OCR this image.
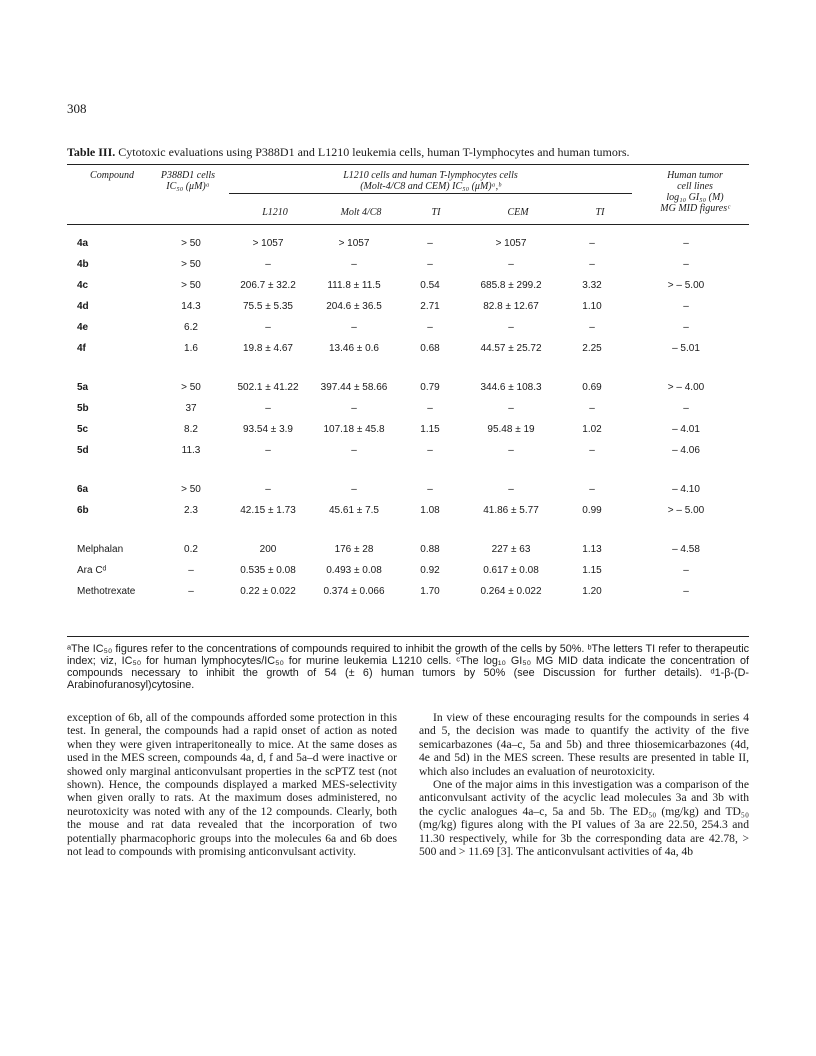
308
Table III. Cytotoxic evaluations using P388D1 and L1210 leukemia cells, human T-lymphocytes and human tumors.
Compound	P388D1 cells
IC₅₀ (μM)ᵃ
L1210 cells and human T-lymphocytes cells
(Molt-4/C8 and CEM) IC₅₀ (μM)ᵃ,ᵇ
Human tumor
cell lines
log₁₀ GI₅₀ (M)
MG MID figuresᶜ
L1210	Molt 4/C8	TI	CEM	TI
4a	> 50	> 1057	> 1057	–	> 1057	–	–
4b	> 50	–	–	–	–	–	–
4c	> 50	206.7 ± 32.2	111.8 ± 11.5	0.54	685.8 ± 299.2	3.32	> – 5.00
4d	14.3	75.5 ± 5.35	204.6 ± 36.5	2.71	82.8 ± 12.67	1.10	–
4e	6.2	–	–	–	–	–	–
4f	1.6	19.8 ± 4.67	13.46 ± 0.6	0.68	44.57 ± 25.72	2.25	– 5.01

5a	> 50	502.1 ± 41.22	397.44 ± 58.66	0.79	344.6 ± 108.3	0.69	> – 4.00
5b	37	–	–	–	–	–	–
5c	8.2	93.54 ± 3.9	107.18 ± 45.8	1.15	95.48 ± 19	1.02	– 4.01
5d	11.3	–	–	–	–	–	– 4.06

6a	> 50	–	–	–	–	–	– 4.10
6b	2.3	42.15 ± 1.73	45.61 ± 7.5	1.08	41.86 ± 5.77	0.99	> – 5.00

Melphalan	0.2	200	176 ± 28	0.88	227 ± 63	1.13	– 4.58
Ara Cᵈ	–	0.535 ± 0.08	0.493 ± 0.08	0.92	0.617 ± 0.08	1.15	–
Methotrexate	–	0.22 ± 0.022	0.374 ± 0.066	1.70	0.264 ± 0.022	1.20	–
ᵃThe IC₅₀ figures refer to the concentrations of compounds required to inhibit the growth of the cells by 50%. ᵇThe letters TI refer to therapeutic index; viz, IC₅₀ for human lymphocytes/IC₅₀ for murine leukemia L1210 cells. ᶜThe log₁₀ GI₅₀ MG MID data indicate the concentration of compounds necessary to inhibit the growth of 54 (± 6) human tumors by 50% (see Discussion for further details). ᵈ1-β-(D-Arabinofuranosyl)cytosine.

exception of 6b, all of the compounds afforded some protection in this test. In general, the compounds had a rapid onset of action as noted when they were given intraperitoneally to mice. At the same doses as used in the MES screen, compounds 4a, d, f and 5a–d were inactive or showed only marginal anticonvulsant properties in the scPTZ test (not shown). Hence, the compounds displayed a marked MES-selectivity when given orally to rats. At the maximum doses administered, no neurotoxicity was noted with any of the 12 compounds. Clearly, both the mouse and rat data revealed that the incorporation of two potentially pharmacophoric groups into the molecules 6a and 6b does not lead to compounds with promising anticonvulsant activity.

In view of these encouraging results for the compounds in series 4 and 5, the decision was made to quantify the activity of the five semicarbazones (4a–c, 5a and 5b) and three thiosemicarbazones (4d, 4e and 5d) in the MES screen. These results are presented in table II, which also includes an evaluation of neurotoxicity.

One of the major aims in this investigation was a comparison of the anticonvulsant activity of the acyclic lead molecules 3a and 3b with the cyclic analogues 4a–c, 5a and 5b. The ED₅₀ (mg/kg) and TD₅₀ (mg/kg) figures along with the PI values of 3a are 22.50, 254.3 and 11.30 respectively, while for 3b the corresponding data are 42.78, > 500 and > 11.69 [3]. The anticonvulsant activities of 4a, 4b
